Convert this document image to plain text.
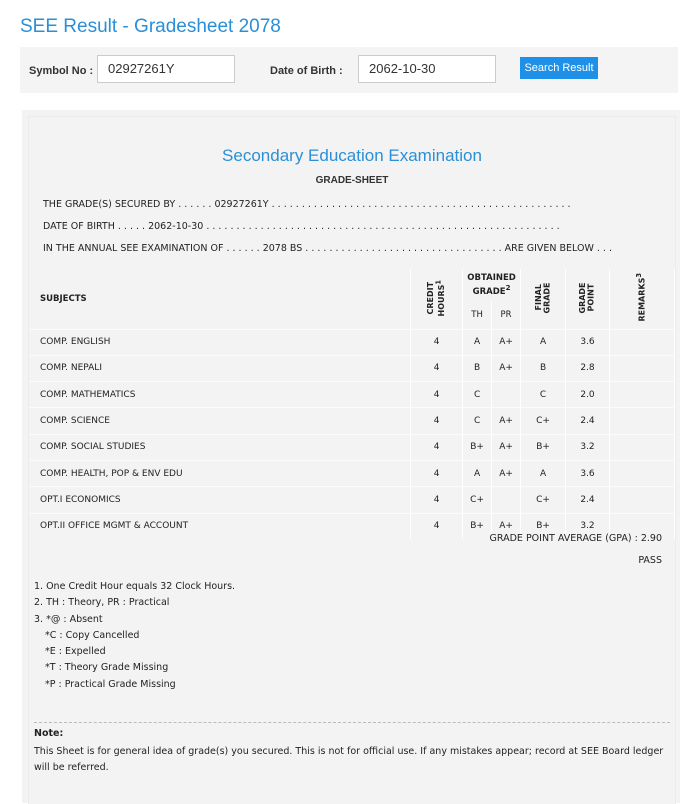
SEE Result - Gradesheet 2078
Symbol No :	02927261Y	Date of Birth :	2062-10-30	Search Result
Secondary Education Examination
GRADE-SHEET
THE GRADE(S) SECURED BY . . . . . . 02927261Y . . . . . . . . . . . . . . . . . . . . . . . . . . . . . . . . . . . . . . . . . . . . . . . . . .
DATE OF BIRTH . . . . . 2062-10-30 . . . . . . . . . . . . . . . . . . . . . . . . . . . . . . . . . . . . . . . . . . . . . . . . . . . . . . . . . . .
IN THE ANNUAL SEE EXAMINATION OF . . . . . . 2078 BS . . . . . . . . . . . . . . . . . . . . . . . . . . . . . . . . . ARE GIVEN BELOW . . .
SUBJECTS	CREDIT HOURS$^1$	OBTAINED GRADE$^2$		FINAL GRADE	GRADE POINT	REMARKS$^3$
		TH	PR			
COMP. ENGLISH	4	A	A+	A	3.6	
COMP. NEPALI	4	B	A+	B	2.8	
COMP. MATHEMATICS	4	C		C	2.0	
COMP. SCIENCE	4	C	A+	C+	2.4	
COMP. SOCIAL STUDIES	4	B+	A+	B+	3.2	
COMP. HEALTH, POP & ENV EDU	4	A	A+	A	3.6	
OPT.I ECONOMICS	4	C+		C+	2.4	
OPT.II OFFICE MGMT & ACCOUNT	4	B+	A+	B+	3.2	
GRADE POINT AVERAGE (GPA) : 2.90
PASS
1. One Credit Hour equals 32 Clock Hours.
2. TH : Theory, PR : Practical
3. *@ : Absent
*C : Copy Cancelled
*E : Expelled
*T : Theory Grade Missing
*P : Practical Grade Missing
Note:
This Sheet is for general idea of grade(s) you secured. This is not for official use. If any mistakes appear; record at SEE Board ledger will be referred.
